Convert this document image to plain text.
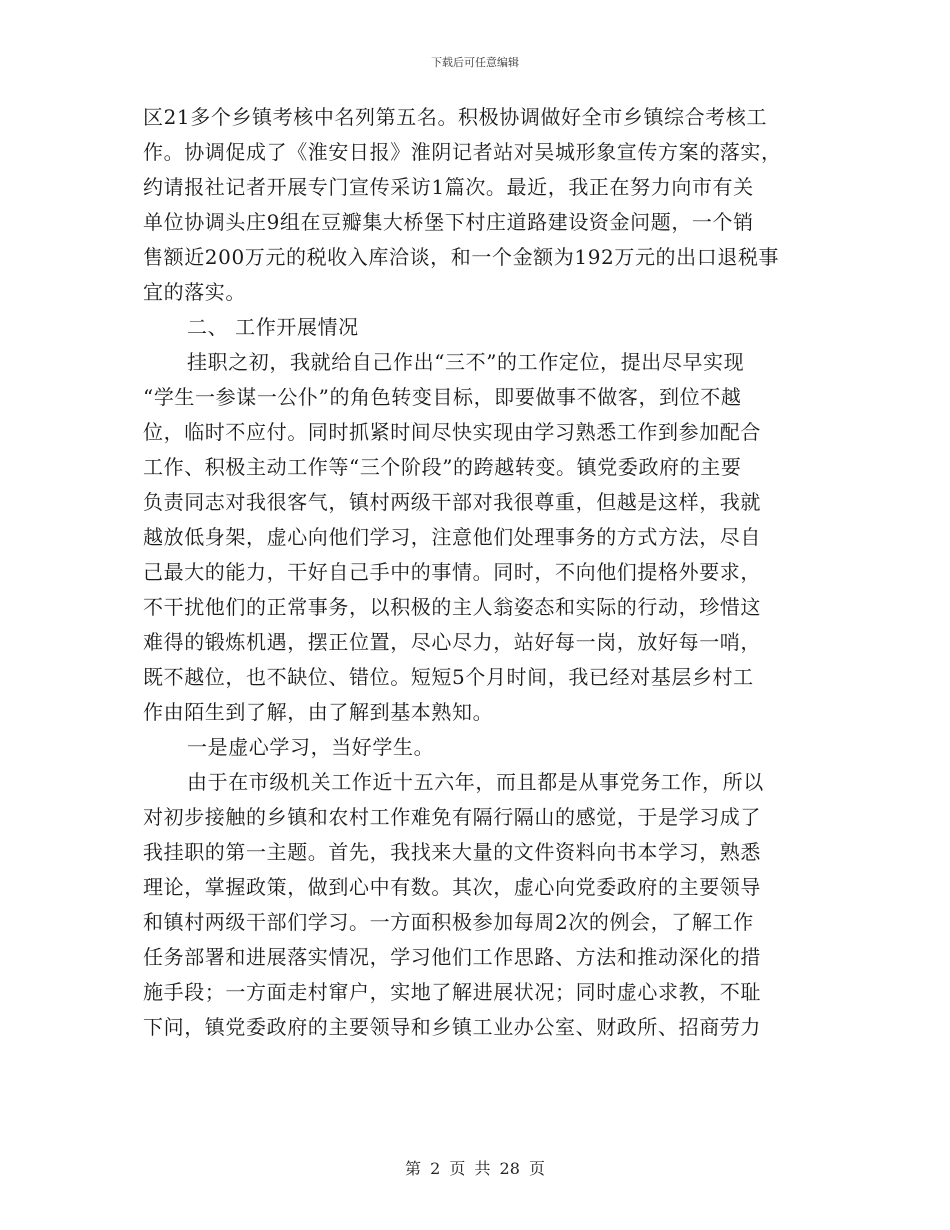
下载后可任意编辑
区21多个乡镇考核中名列第五名。积极协调做好全市乡镇综合考核工
作。协调促成了《淮安日报》淮阴记者站对吴城形象宣传方案的落实，
约请报社记者开展专门宣传采访1篇次。最近，我正在努力向市有关
单位协调头庄9组在豆瓣集大桥堡下村庄道路建设资金问题，一个销
售额近200万元的税收入库洽谈，和一个金额为192万元的出口退税事
宜的落实。
二、 工作开展情况
挂职之初，我就给自己作出“三不”的工作定位，提出尽早实现
“学生一参谋一公仆”的角色转变目标，即要做事不做客，到位不越
位，临时不应付。同时抓紧时间尽快实现由学习熟悉工作到参加配合
工作、积极主动工作等“三个阶段”的跨越转变。镇党委政府的主要
负责同志对我很客气，镇村两级干部对我很尊重，但越是这样，我就
越放低身架，虚心向他们学习，注意他们处理事务的方式方法，尽自
己最大的能力，干好自己手中的事情。同时，不向他们提格外要求，
不干扰他们的正常事务，以积极的主人翁姿态和实际的行动，珍惜这
难得的锻炼机遇，摆正位置，尽心尽力，站好每一岗，放好每一哨，
既不越位，也不缺位、错位。短短5个月时间，我已经对基层乡村工
作由陌生到了解，由了解到基本熟知。
一是虚心学习，当好学生。
由于在市级机关工作近十五六年，而且都是从事党务工作，所以
对初步接触的乡镇和农村工作难免有隔行隔山的感觉，于是学习成了
我挂职的第一主题。首先，我找来大量的文件资料向书本学习，熟悉
理论，掌握政策，做到心中有数。其次，虚心向党委政府的主要领导
和镇村两级干部们学习。一方面积极参加每周2次的例会，了解工作
任务部署和进展落实情况，学习他们工作思路、方法和推动深化的措
施手段；一方面走村窜户，实地了解进展状况；同时虚心求教，不耻
下问，镇党委政府的主要领导和乡镇工业办公室、财政所、招商劳力
第 2 页 共 28 页
